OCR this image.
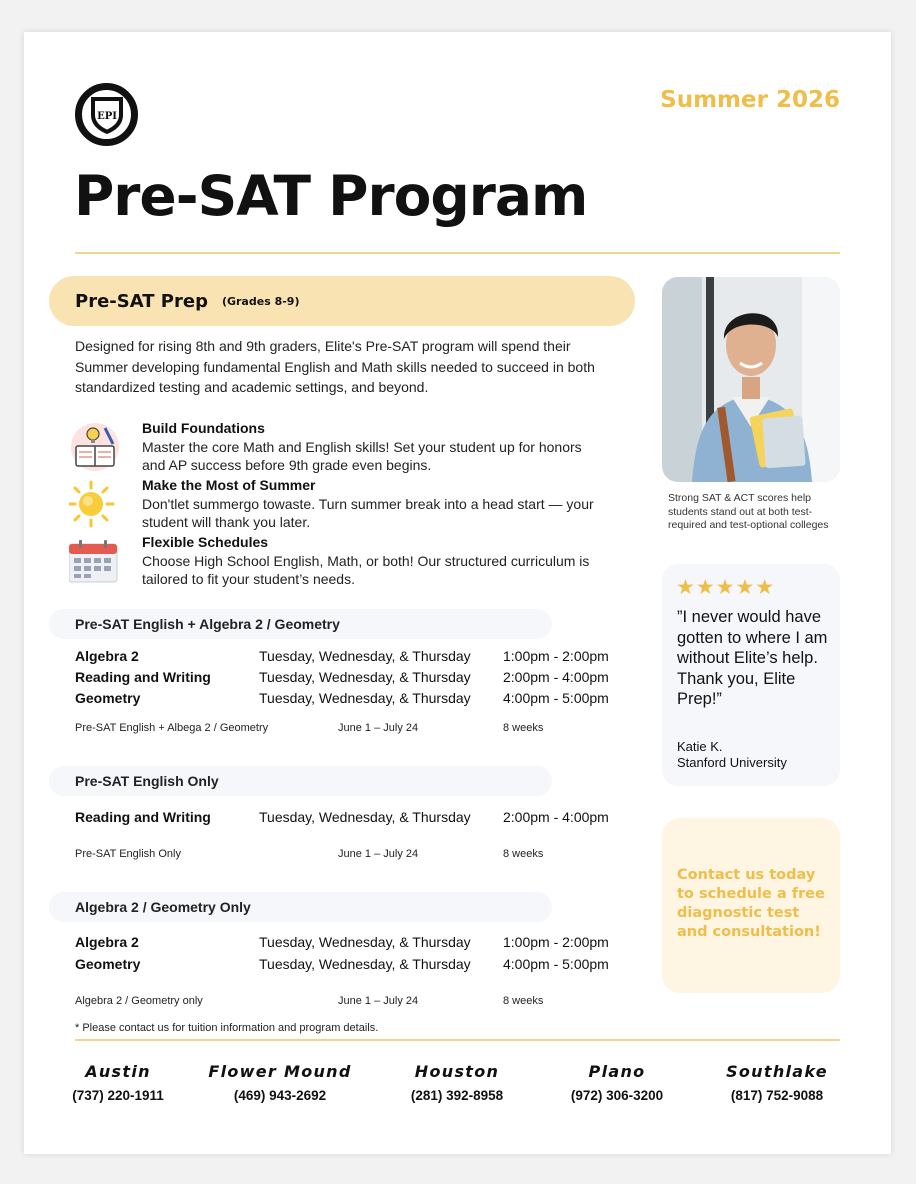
EPI
Summer 2026
Pre-SAT Program
Pre-SAT Prep (Grades 8-9)
Designed for rising 8th and 9th graders, Elite's Pre-SAT program will spend their Summer developing fundamental English and Math skills needed to succeed in both standardized testing and academic settings, and beyond.
Build Foundations
Master the core Math and English skills! Set your student up for honors and AP success before 9th grade even begins.
Make the Most of Summer
Don'tlet summergo towaste. Turn summer break into a head start — your student will thank you later.
Flexible Schedules
Choose High School English, Math, or both! Our structured curriculum is tailored to fit your student’s needs.
Pre-SAT English + Algebra 2 / Geometry
Algebra 2	Tuesday, Wednesday, & Thursday 1:00pm - 2:00pm
Reading and Writing	Tuesday, Wednesday, & Thursday 2:00pm - 4:00pm
Geometry	Tuesday, Wednesday, & Thursday 4:00pm - 5:00pm
Pre-SAT English + Albega 2 / Geometry	June 1 – July 24	8 weeks
Pre-SAT English Only
Reading and Writing	Tuesday, Wednesday, & Thursday 2:00pm - 4:00pm
Pre-SAT English Only	June 1 – July 24	8 weeks
Algebra 2 / Geometry Only
Algebra 2	Tuesday, Wednesday, & Thursday 1:00pm - 2:00pm
Geometry	Tuesday, Wednesday, & Thursday 4:00pm - 5:00pm
Algebra 2 / Geometry only	June 1 – July 24	8 weeks
* Please contact us for tuition information and program details.
Strong SAT & ACT scores help students stand out at both test-required and test-optional colleges
★★★★★
”I never would have gotten to where I am without Elite’s help. Thank you, Elite Prep!”
Katie K.
Stanford University
Contact us today to schedule a free diagnostic test and consultation!
Austin
(737) 220-1911
Flower Mound
(469) 943-2692
Houston
(281) 392-8958
Plano
(972) 306-3200
Southlake
(817) 752-9088
